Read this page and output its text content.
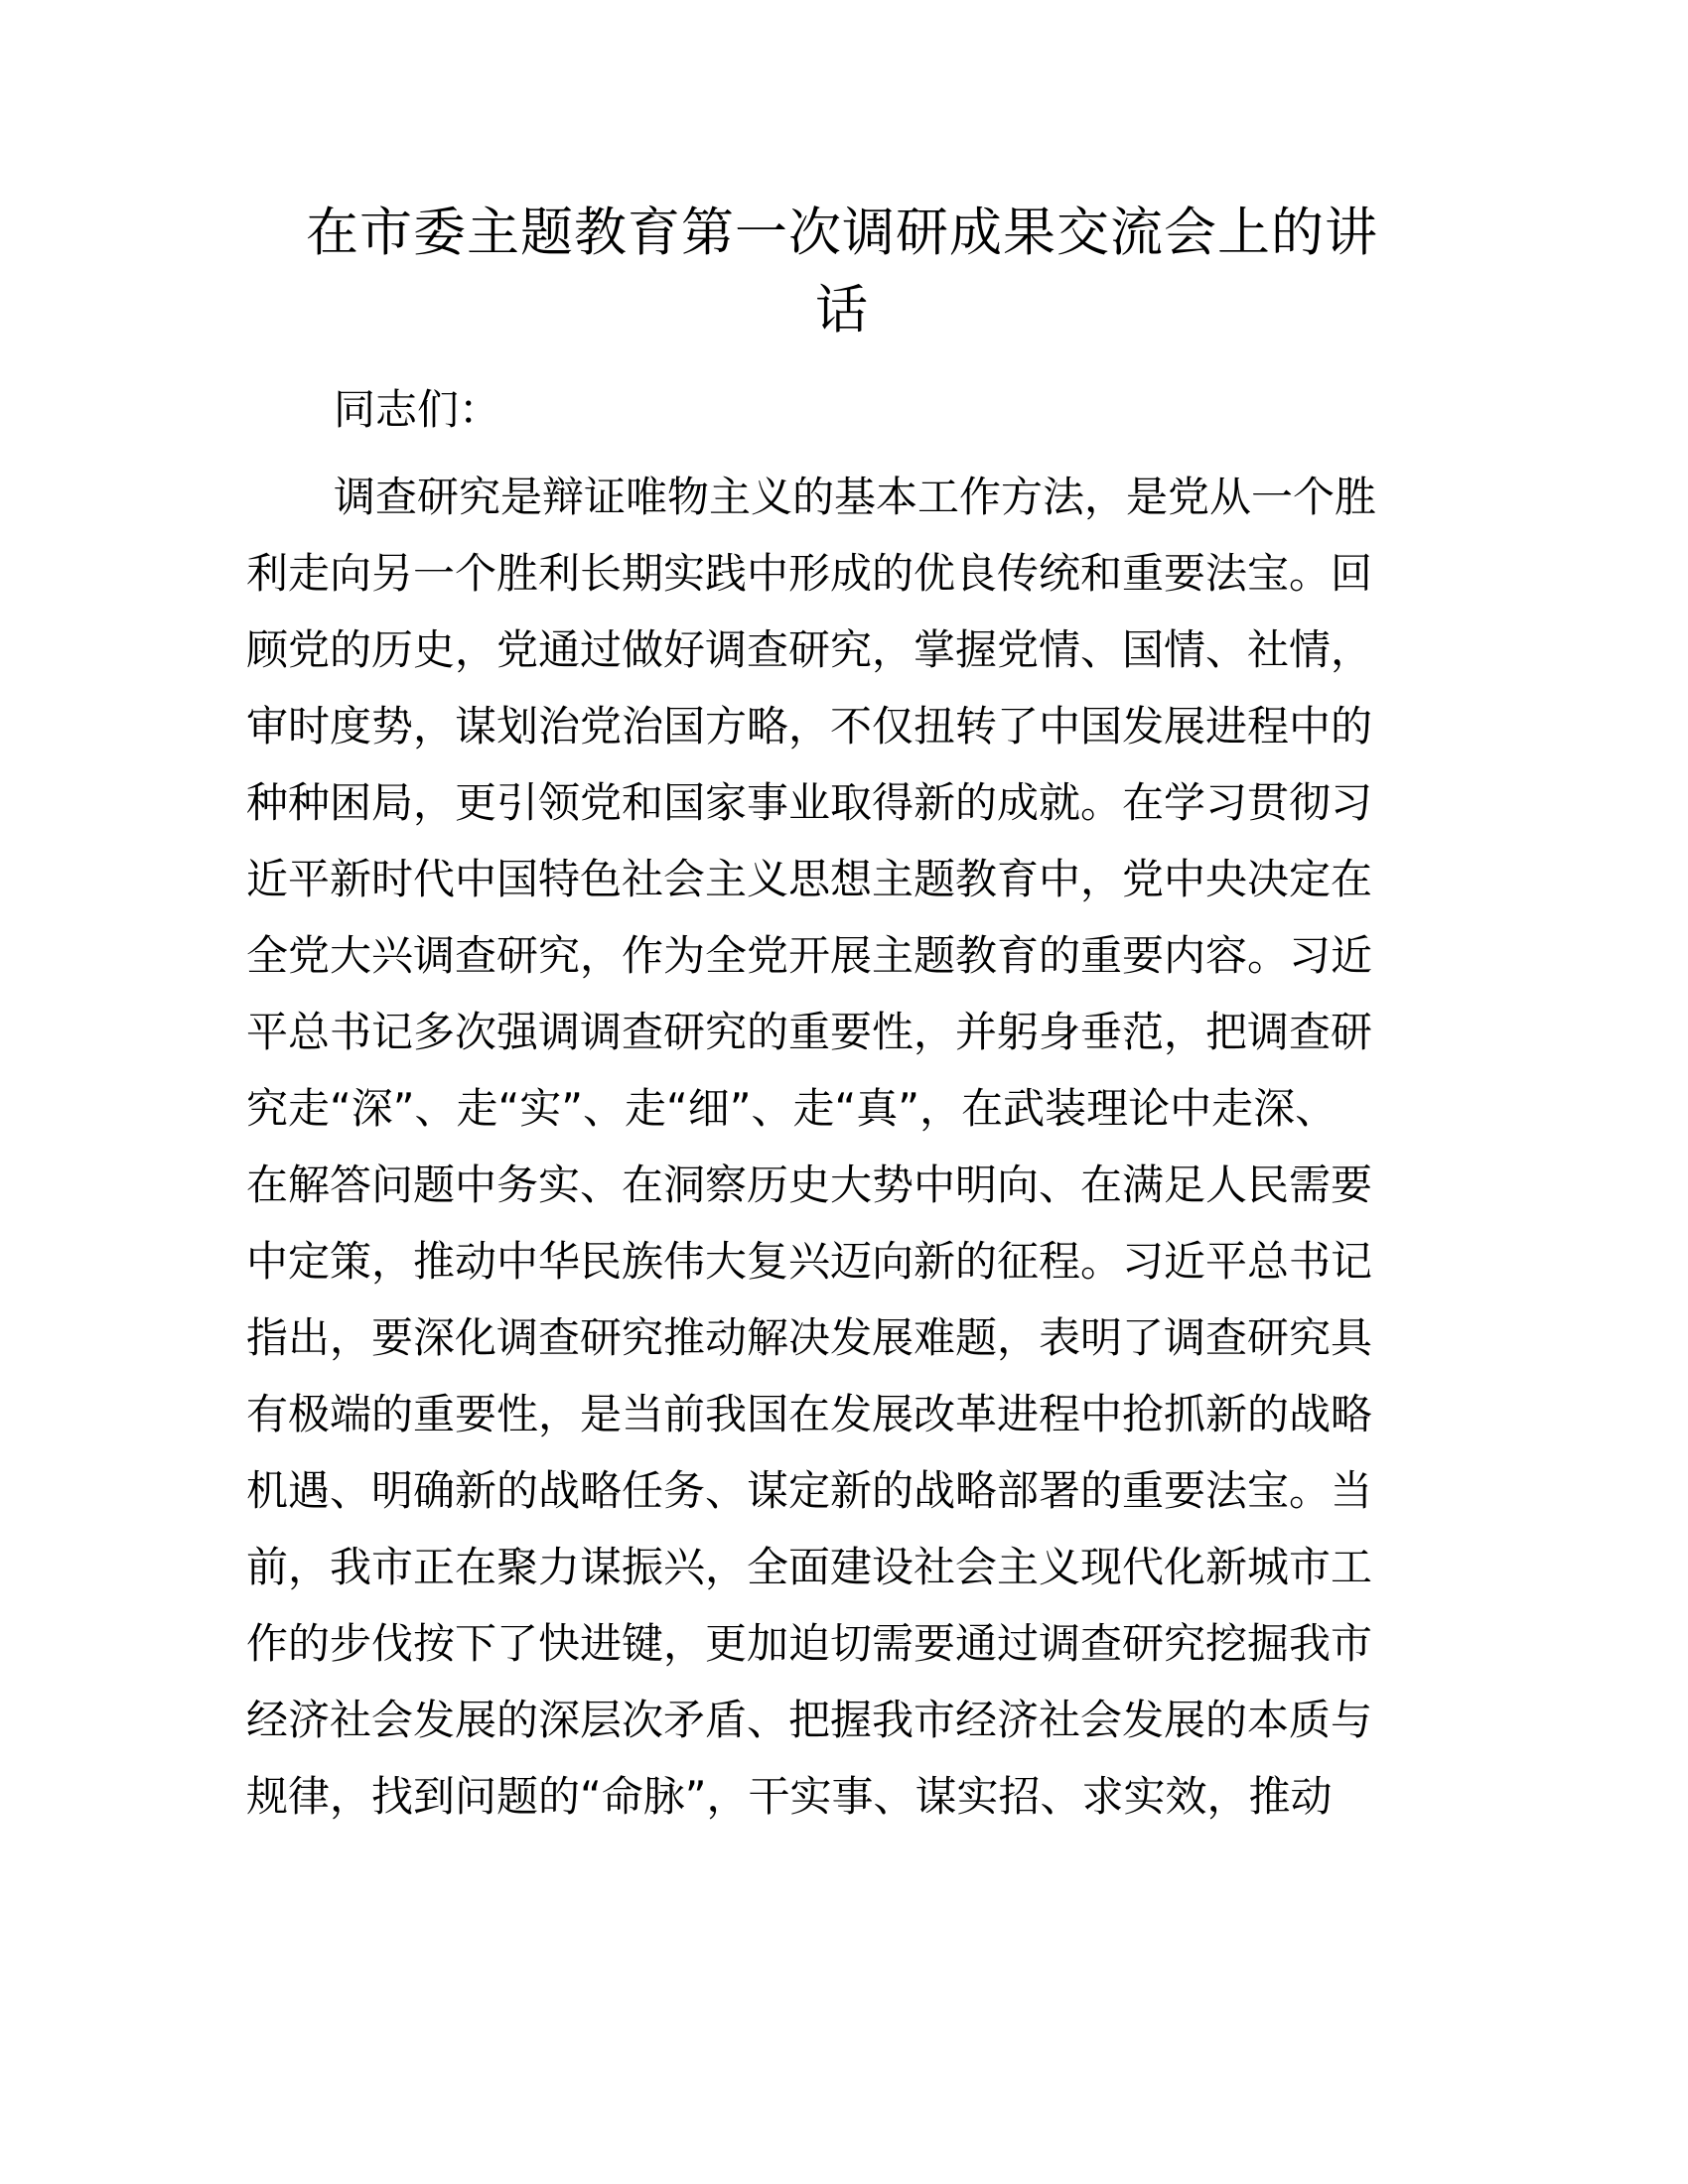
在市委主题教育第一次调研成果交流会上的讲
话

同志们：

调查研究是辩证唯物主义的基本工作方法，是党从一个胜

利走向另一个胜利长期实践中形成的优良传统和重要法宝。回

顾党的历史，党通过做好调查研究，掌握党情、国情、社情，

审时度势，谋划治党治国方略，不仅扭转了中国发展进程中的

种种困局，更引领党和国家事业取得新的成就。在学习贯彻习

近平新时代中国特色社会主义思想主题教育中，党中央决定在

全党大兴调查研究，作为全党开展主题教育的重要内容。习近

平总书记多次强调调查研究的重要性，并躬身垂范，把调查研

究走“深”、走“实”、走“细”、走“真”，在武装理论中走深、

在解答问题中务实、在洞察历史大势中明向、在满足人民需要

中定策，推动中华民族伟大复兴迈向新的征程。习近平总书记

指出，要深化调查研究推动解决发展难题，表明了调查研究具

有极端的重要性，是当前我国在发展改革进程中抢抓新的战略

机遇、明确新的战略任务、谋定新的战略部署的重要法宝。当

前，我市正在聚力谋振兴，全面建设社会主义现代化新城市工

作的步伐按下了快进键，更加迫切需要通过调查研究挖掘我市

经济社会发展的深层次矛盾、把握我市经济社会发展的本质与

规律，找到问题的“命脉”，干实事、谋实招、求实效，推动
